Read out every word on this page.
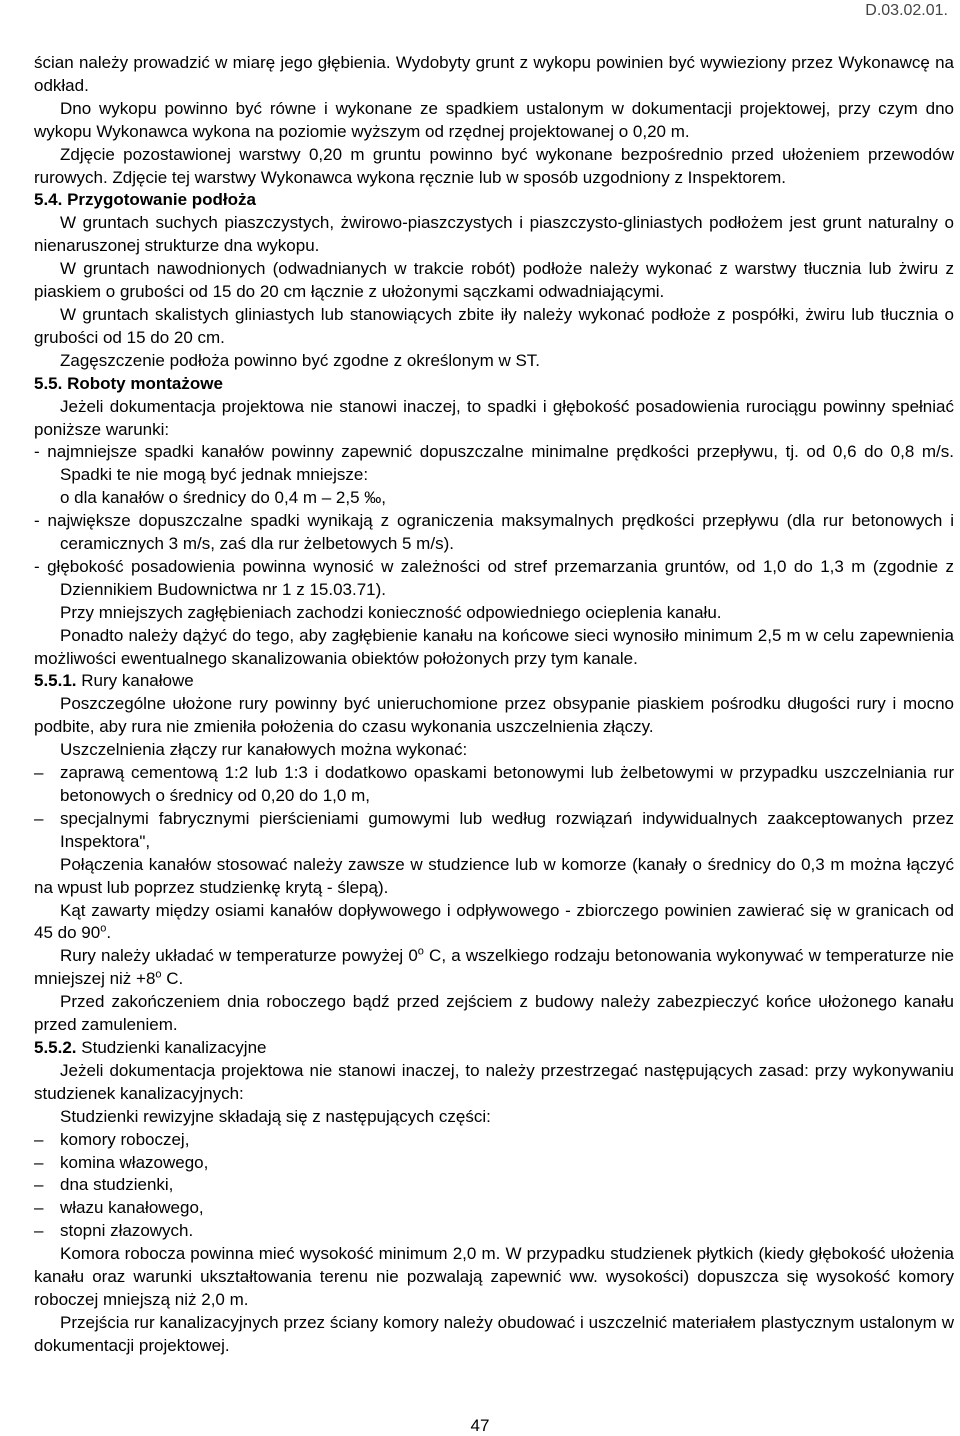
D.03.02.01.

ścian należy prowadzić w miarę jego głębienia. Wydobyty grunt z wykopu powinien być wywieziony przez Wykonawcę na odkład.

Dno wykopu powinno być równe i wykonane ze spadkiem ustalonym w dokumentacji projektowej, przy czym dno wykopu Wykonawca wykona na poziomie wyższym od rzędnej projektowanej o 0,20 m.

Zdjęcie pozostawionej warstwy 0,20 m gruntu powinno być wykonane bezpośrednio przed ułożeniem przewodów rurowych. Zdjęcie tej warstwy Wykonawca wykona ręcznie lub w sposób uzgodniony z Inspektorem.

5.4. Przygotowanie podłoża

W gruntach suchych piaszczystych, żwirowo-piaszczystych i piaszczysto-gliniastych podłożem jest grunt naturalny o nienaruszonej strukturze dna wykopu.

W gruntach nawodnionych (odwadnianych w trakcie robót) podłoże należy wykonać z warstwy tłucznia lub żwiru z piaskiem o grubości od 15 do 20 cm łącznie z ułożonymi sączkami odwadniającymi.

W gruntach skalistych gliniastych lub stanowiących zbite iły należy wykonać podłoże z pospółki, żwiru lub tłucznia o grubości od 15 do 20 cm.

Zagęszczenie podłoża powinno być zgodne z określonym w ST.

5.5. Roboty montażowe

Jeżeli dokumentacja projektowa nie stanowi inaczej, to spadki i głębokość posadowienia rurociągu powinny spełniać poniższe warunki:

- najmniejsze spadki kanałów powinny zapewnić dopuszczalne minimalne prędkości przepływu, tj. od 0,6 do 0,8 m/s. Spadki te nie mogą być jednak mniejsze:

o dla kanałów o średnicy do 0,4 m – 2,5 ‰,

- największe dopuszczalne spadki wynikają z ograniczenia maksymalnych prędkości przepływu (dla rur betonowych i ceramicznych 3 m/s, zaś dla rur żelbetowych 5 m/s).

- głębokość posadowienia powinna wynosić w zależności od stref przemarzania gruntów, od 1,0 do 1,3 m (zgodnie z Dziennikiem Budownictwa nr 1 z 15.03.71).

Przy mniejszych zagłębieniach zachodzi konieczność odpowiedniego ocieplenia kanału.

Ponadto należy dążyć do tego, aby zagłębienie kanału na końcowe sieci wynosiło minimum 2,5 m w celu zapewnienia możliwości ewentualnego skanalizowania obiektów położonych przy tym kanale.

5.5.1. Rury kanałowe

Poszczególne ułożone rury powinny być unieruchomione przez obsypanie piaskiem pośrodku długości rury i mocno podbite, aby rura nie zmieniła położenia do czasu wykonania uszczelnienia złączy.

Uszczelnienia złączy rur kanałowych można wykonać:

– zaprawą cementową 1:2 lub 1:3 i dodatkowo opaskami betonowymi lub żelbetowymi w przypadku uszczelniania rur betonowych o średnicy od 0,20 do 1,0 m,

– specjalnymi fabrycznymi pierścieniami gumowymi lub według rozwiązań indywidualnych zaakceptowanych przez Inspektora",

Połączenia kanałów stosować należy zawsze w studzience lub w komorze (kanały o średnicy do 0,3 m można łączyć na wpust lub poprzez studzienkę krytą - ślepą).

Kąt zawarty między osiami kanałów dopływowego i odpływowego - zbiorczego powinien zawierać się w granicach od 45 do 90$^o$.

Rury należy układać w temperaturze powyżej 0$^o$ C, a wszelkiego rodzaju betonowania wykonywać w temperaturze nie mniejszej niż $+8^o$ C.

Przed zakończeniem dnia roboczego bądź przed zejściem z budowy należy zabezpieczyć końce ułożonego kanału przed zamuleniem.

5.5.2. Studzienki kanalizacyjne

Jeżeli dokumentacja projektowa nie stanowi inaczej, to należy przestrzegać następujących zasad: przy wykonywaniu studzienek kanalizacyjnych:

Studzienki rewizyjne składają się z następujących części:

– komory roboczej,

– komina włazowego,

– dna studzienki,

– włazu kanałowego,

– stopni złazowych.

Komora robocza powinna mieć wysokość minimum 2,0 m. W przypadku studzienek płytkich (kiedy głębokość ułożenia kanału oraz warunki ukształtowania terenu nie pozwalają zapewnić ww. wysokości) dopuszcza się wysokość komory roboczej mniejszą niż 2,0 m.

Przejścia rur kanalizacyjnych przez ściany komory należy obudować i uszczelnić materiałem plastycznym ustalonym w dokumentacji projektowej.

47
